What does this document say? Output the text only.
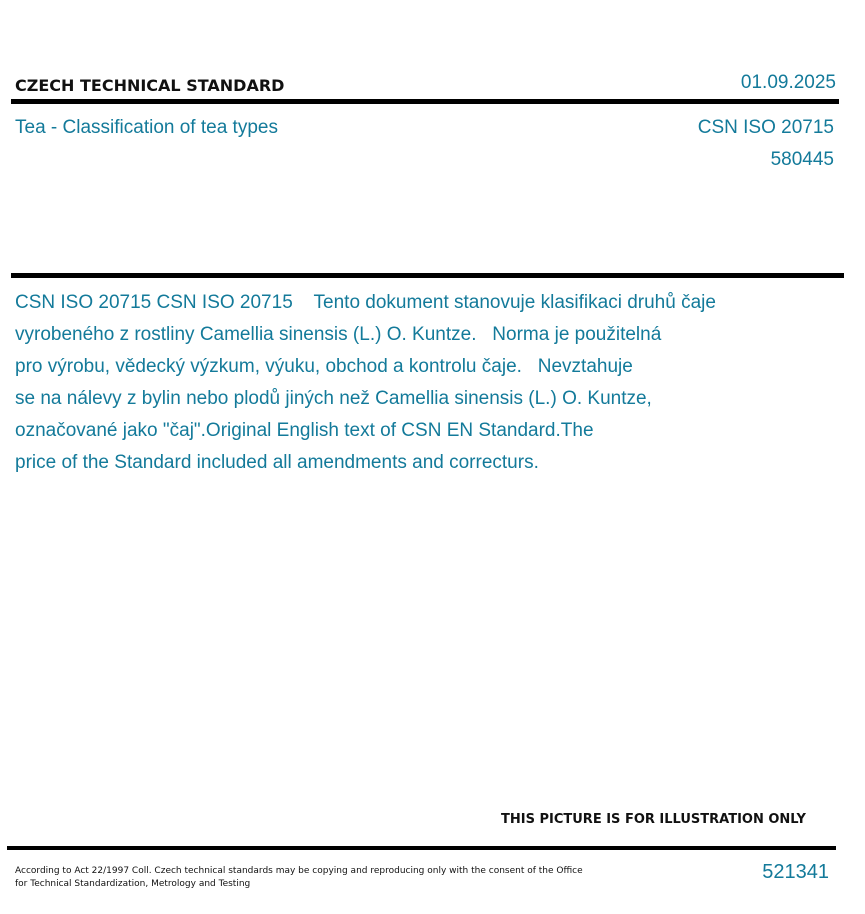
CZECH TECHNICAL STANDARD	01.09.2025
Tea - Classification of tea types	CSN ISO 20715
580445
CSN ISO 20715 CSN ISO 20715    Tento dokument stanovuje klasifikaci druhů čaje
vyrobeného z rostliny Camellia sinensis (L.) O. Kuntze.   Norma je použitelná
pro výrobu, vědecký výzkum, výuku, obchod a kontrolu čaje.   Nevztahuje
se na nálevy z bylin nebo plodů jiných než Camellia sinensis (L.) O. Kuntze,
označované jako "čaj".Original English text of CSN EN Standard.The
price of the Standard included all amendments and correcturs.
THIS PICTURE IS FOR ILLUSTRATION ONLY
According to Act 22/1997 Coll. Czech technical standards may be copying and reproducing only with the consent of the Office
for Technical Standardization, Metrology and Testing
521341
